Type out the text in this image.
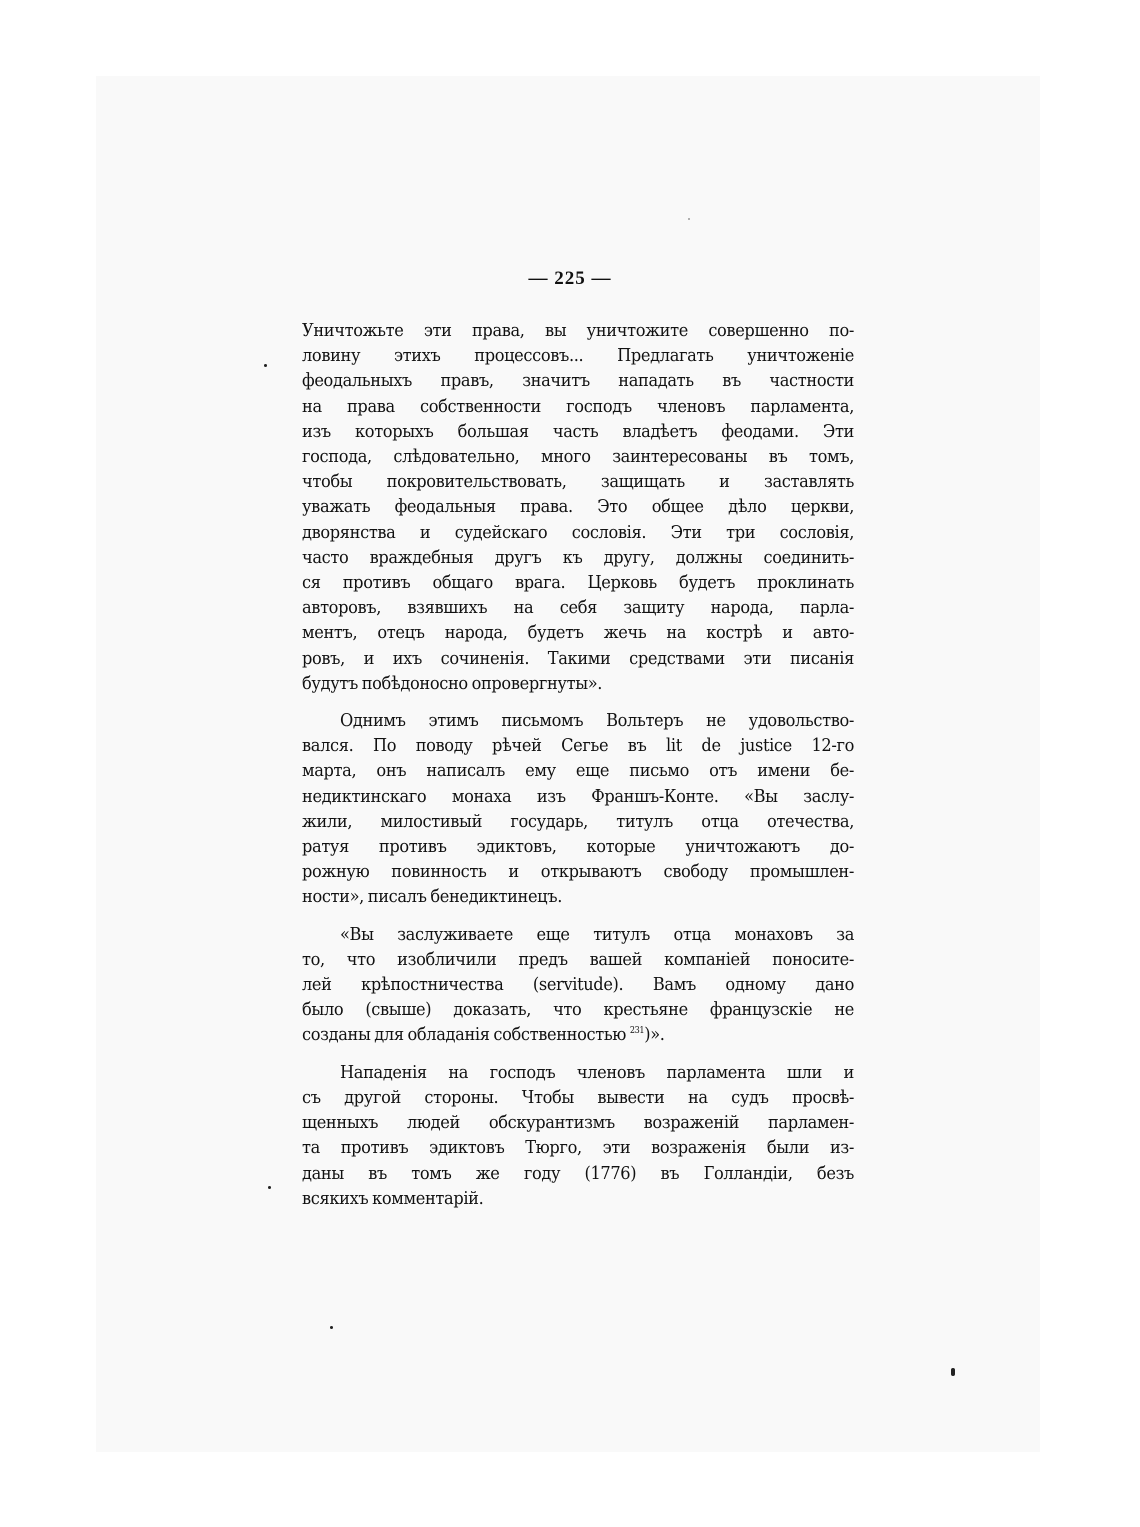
— 225 —

Уничтожьте эти права, вы уничтожите совершенно по-
ловину этихъ процессовъ... Предлагать уничтоженіе
феодальныхъ правъ, значитъ нападать въ частности
на права собственности господъ членовъ парламента,
изъ которыхъ большая часть владѣетъ феодами. Эти
господа, слѣдовательно, много заинтересованы въ томъ,
чтобы покровительствовать, защищать и заставлять
уважать феодальныя права. Это общее дѣло церкви,
дворянства и судейскаго сословія. Эти три сословія,
часто враждебныя другъ къ другу, должны соединить-
ся противъ общаго врага. Церковь будетъ проклинать
авторовъ, взявшихъ на себя защиту народа, парла-
ментъ, отецъ народа, будетъ жечь на кострѣ и авто-
ровъ, и ихъ сочиненія. Такими средствами эти писанія
будутъ побѣдоносно опровергнуты».

Однимъ этимъ письмомъ Вольтеръ не удовольство-
вался. По поводу рѣчей Сегье въ lit de justice 12-го
марта, онъ написалъ ему еще письмо отъ имени бе-
недиктинскаго монаха изъ Франшъ-Конте. «Вы заслу-
жили, милостивый государь, титулъ отца отечества,
ратуя противъ эдиктовъ, которые уничтожаютъ до-
рожную повинность и открываютъ свободу промышлен-
ности», писалъ бенедиктинецъ.

«Вы заслуживаете еще титулъ отца монаховъ за
то, что изобличили предъ вашей компаніей поносите-
лей крѣпостничества (servitude). Вамъ одному дано
было (свыше) доказать, что крестьяне французскіе не
созданы для обладанія собственностью $^{231}$)».

Нападенія на господъ членовъ парламента шли и
съ другой стороны. Чтобы вывести на судъ просвѣ-
щенныхъ людей обскурантизмъ возраженій парламен-
та противъ эдиктовъ Тюрго, эти возраженія были из-
даны въ томъ же году (1776) въ Голландіи, безъ
всякихъ комментарій.
